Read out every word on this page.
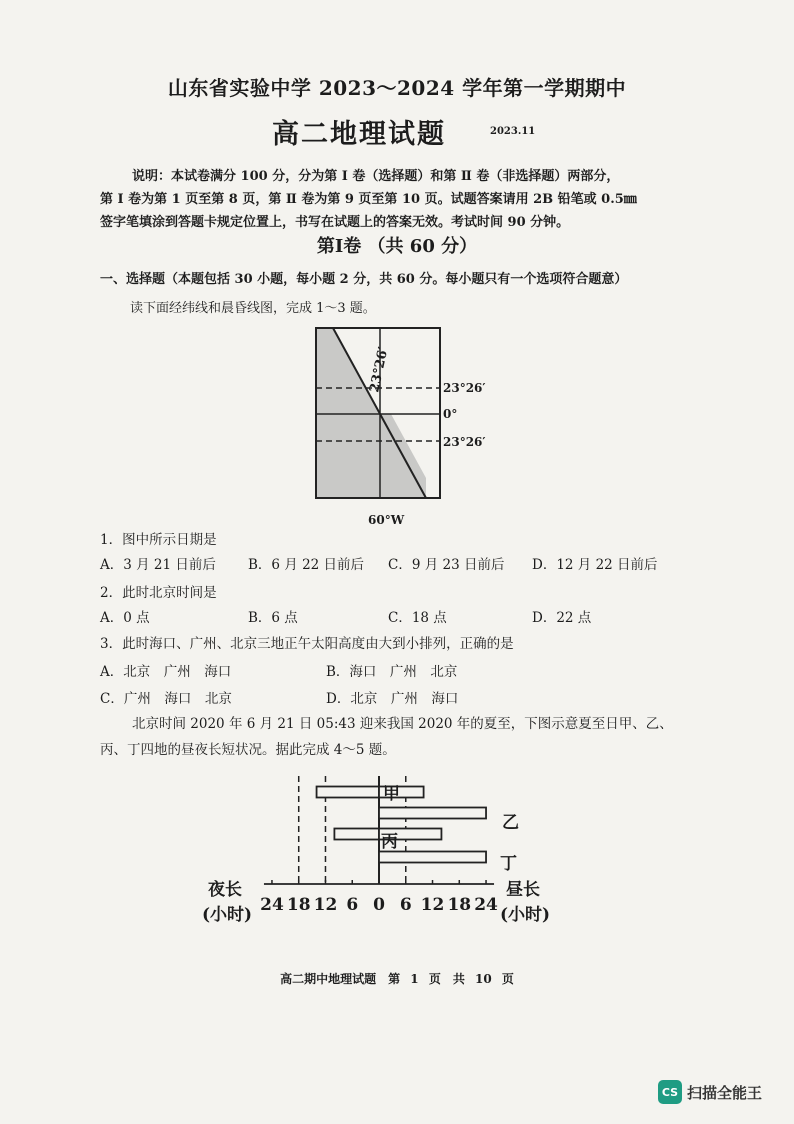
山东省实验中学 2023～2024 学年第一学期期中
高二地理试题	2023.11
说明：本试卷满分 100 分，分为第 Ⅰ 卷（选择题）和第 Ⅱ 卷（非选择题）两部分，
第 Ⅰ 卷为第 1 页至第 8 页，第 Ⅱ 卷为第 9 页至第 10 页。试题答案请用 2B 铅笔或 0.5㎜
签字笔填涂到答题卡规定位置上，书写在试题上的答案无效。考试时间 90 分钟。
第Ⅰ卷 （共 60 分）
一、选择题（本题包括 30 小题，每小题 2 分，共 60 分。每小题只有一个选项符合题意）
读下面经纬线和晨昏线图，完成 1～3 题。
23°26′	23°26′
0°
23°26′
60°W
1．图中所示日期是
A．3 月 21 日前后 B．6 月 22 日前后 C．9 月 23 日前后 D．12 月 22 日前后
2．此时北京时间是
A．0 点	B．6 点	C．18 点	D．22 点
3．此时海口、广州、北京三地正午太阳高度由大到小排列，正确的是
A．北京　广州　海口	B．海口　广州　北京
C．广州　海口　北京	D．北京　广州　海口
北京时间 2020 年 6 月 21 日 05:43 迎来我国 2020 年的夏至，下图示意夏至日甲、乙、
丙、丁四地的昼夜长短状况。据此完成 4～5 题。
甲
乙
丙
丁
24 18 12 6 0 6 12 18 24
夜长
(小时)
昼长
(小时)
高二期中地理试题　第 1 页　共 10 页
CS 扫描全能王
